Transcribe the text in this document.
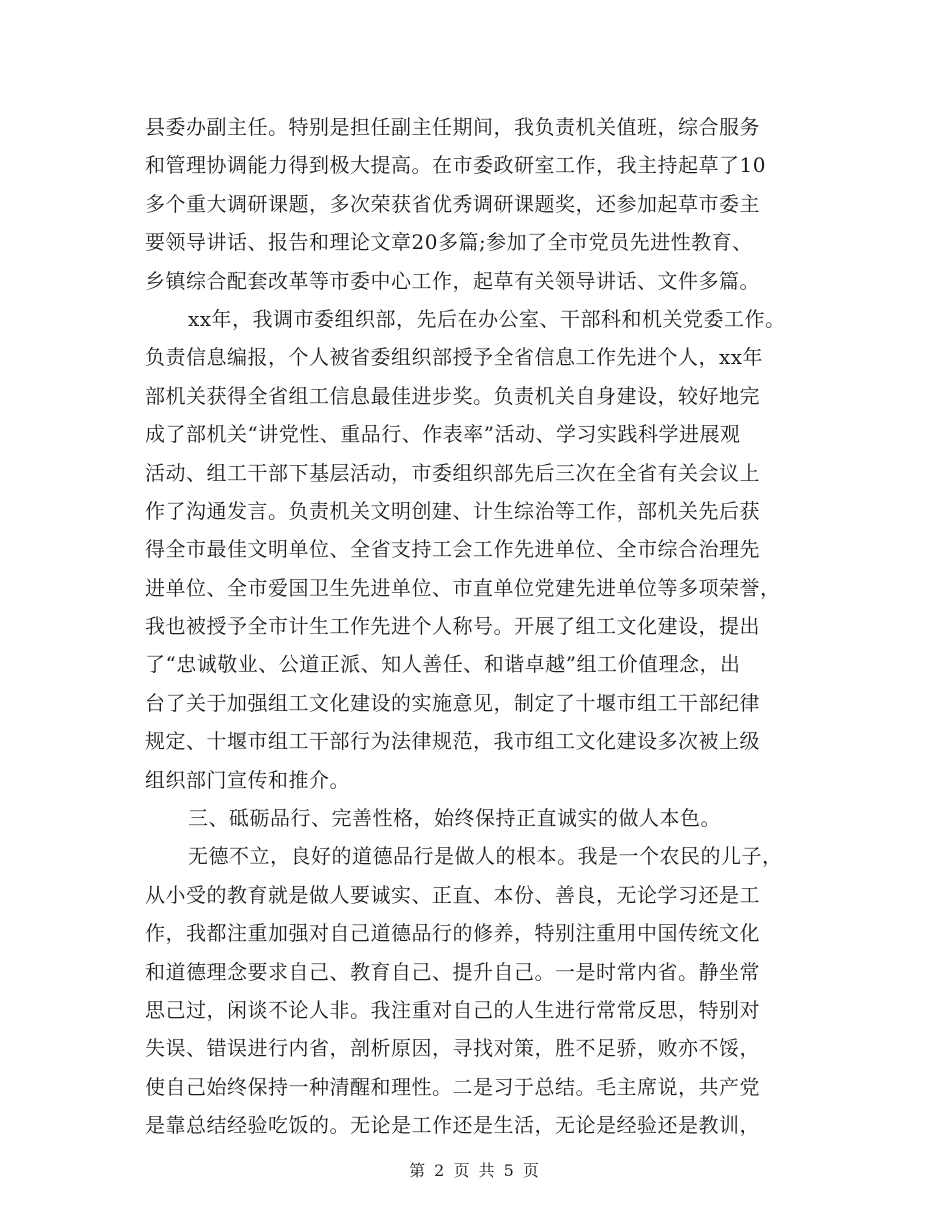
县委办副主任。特别是担任副主任期间，我负责机关值班，综合服务
和管理协调能力得到极大提高。在市委政研室工作，我主持起草了10
多个重大调研课题，多次荣获省优秀调研课题奖，还参加起草市委主
要领导讲话、报告和理论文章20多篇;参加了全市党员先进性教育、
乡镇综合配套改革等市委中心工作，起草有关领导讲话、文件多篇。
xx年，我调市委组织部，先后在办公室、干部科和机关党委工作。
负责信息编报，个人被省委组织部授予全省信息工作先进个人，xx年
部机关获得全省组工信息最佳进步奖。负责机关自身建设，较好地完
成了部机关“讲党性、重品行、作表率”活动、学习实践科学进展观
活动、组工干部下基层活动，市委组织部先后三次在全省有关会议上
作了沟通发言。负责机关文明创建、计生综治等工作，部机关先后获
得全市最佳文明单位、全省支持工会工作先进单位、全市综合治理先
进单位、全市爱国卫生先进单位、市直单位党建先进单位等多项荣誉，
我也被授予全市计生工作先进个人称号。开展了组工文化建设，提出
了“忠诚敬业、公道正派、知人善任、和谐卓越”组工价值理念，出
台了关于加强组工文化建设的实施意见，制定了十堰市组工干部纪律
规定、十堰市组工干部行为法律规范，我市组工文化建设多次被上级
组织部门宣传和推介。
三、砥砺品行、完善性格，始终保持正直诚实的做人本色。
无德不立，良好的道德品行是做人的根本。我是一个农民的儿子，
从小受的教育就是做人要诚实、正直、本份、善良，无论学习还是工
作，我都注重加强对自己道德品行的修养，特别注重用中国传统文化
和道德理念要求自己、教育自己、提升自己。一是时常内省。静坐常
思己过，闲谈不论人非。我注重对自己的人生进行常常反思，特别对
失误、错误进行内省，剖析原因，寻找对策，胜不足骄，败亦不馁，
使自己始终保持一种清醒和理性。二是习于总结。毛主席说，共产党
是靠总结经验吃饭的。无论是工作还是生活，无论是经验还是教训，
第 2 页 共 5 页
